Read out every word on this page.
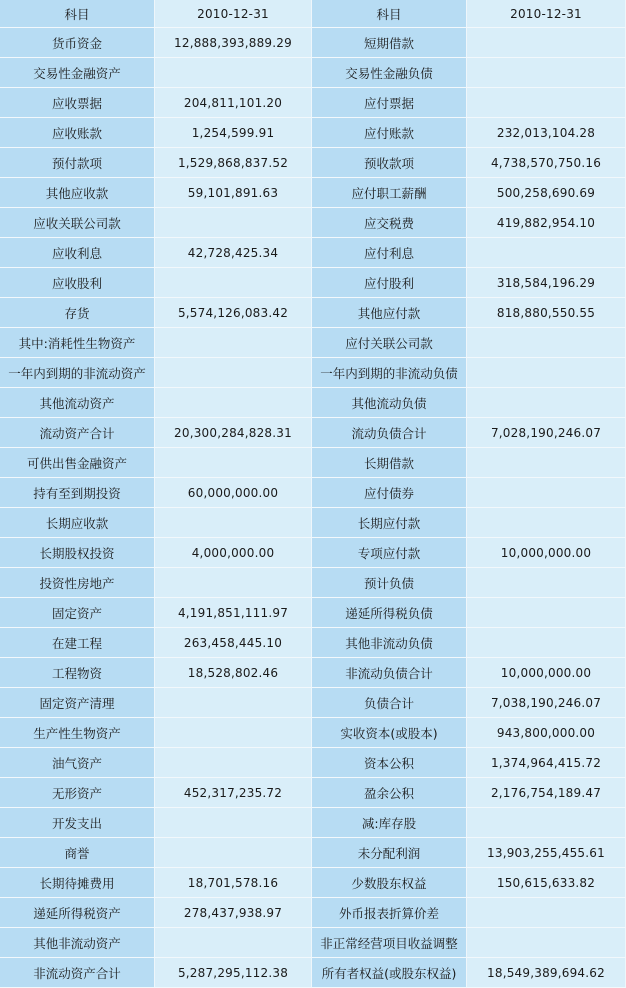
科目	2010-12-31	科目	2010-12-31
货币资金	12,888,393,889.29	短期借款	
交易性金融资产		交易性金融负债	
应收票据	204,811,101.20	应付票据	
应收账款	1,254,599.91	应付账款	232,013,104.28
预付款项	1,529,868,837.52	预收款项	4,738,570,750.16
其他应收款	59,101,891.63	应付职工薪酬	500,258,690.69
应收关联公司款		应交税费	419,882,954.10
应收利息	42,728,425.34	应付利息	
应收股利		应付股利	318,584,196.29
存货	5,574,126,083.42	其他应付款	818,880,550.55
其中:消耗性生物资产		应付关联公司款	
一年内到期的非流动资产		一年内到期的非流动负债	
其他流动资产		其他流动负债	
流动资产合计	20,300,284,828.31	流动负债合计	7,028,190,246.07
可供出售金融资产		长期借款	
持有至到期投资	60,000,000.00	应付债券	
长期应收款		长期应付款	
长期股权投资	4,000,000.00	专项应付款	10,000,000.00
投资性房地产		预计负债	
固定资产	4,191,851,111.97	递延所得税负债	
在建工程	263,458,445.10	其他非流动负债	
工程物资	18,528,802.46	非流动负债合计	10,000,000.00
固定资产清理		负债合计	7,038,190,246.07
生产性生物资产		实收资本(或股本)	943,800,000.00
油气资产		资本公积	1,374,964,415.72
无形资产	452,317,235.72	盈余公积	2,176,754,189.47
开发支出		减:库存股	
商誉		未分配利润	13,903,255,455.61
长期待摊费用	18,701,578.16	少数股东权益	150,615,633.82
递延所得税资产	278,437,938.97	外币报表折算价差	
其他非流动资产		非正常经营项目收益调整	
非流动资产合计	5,287,295,112.38	所有者权益(或股东权益)	18,549,389,694.62
